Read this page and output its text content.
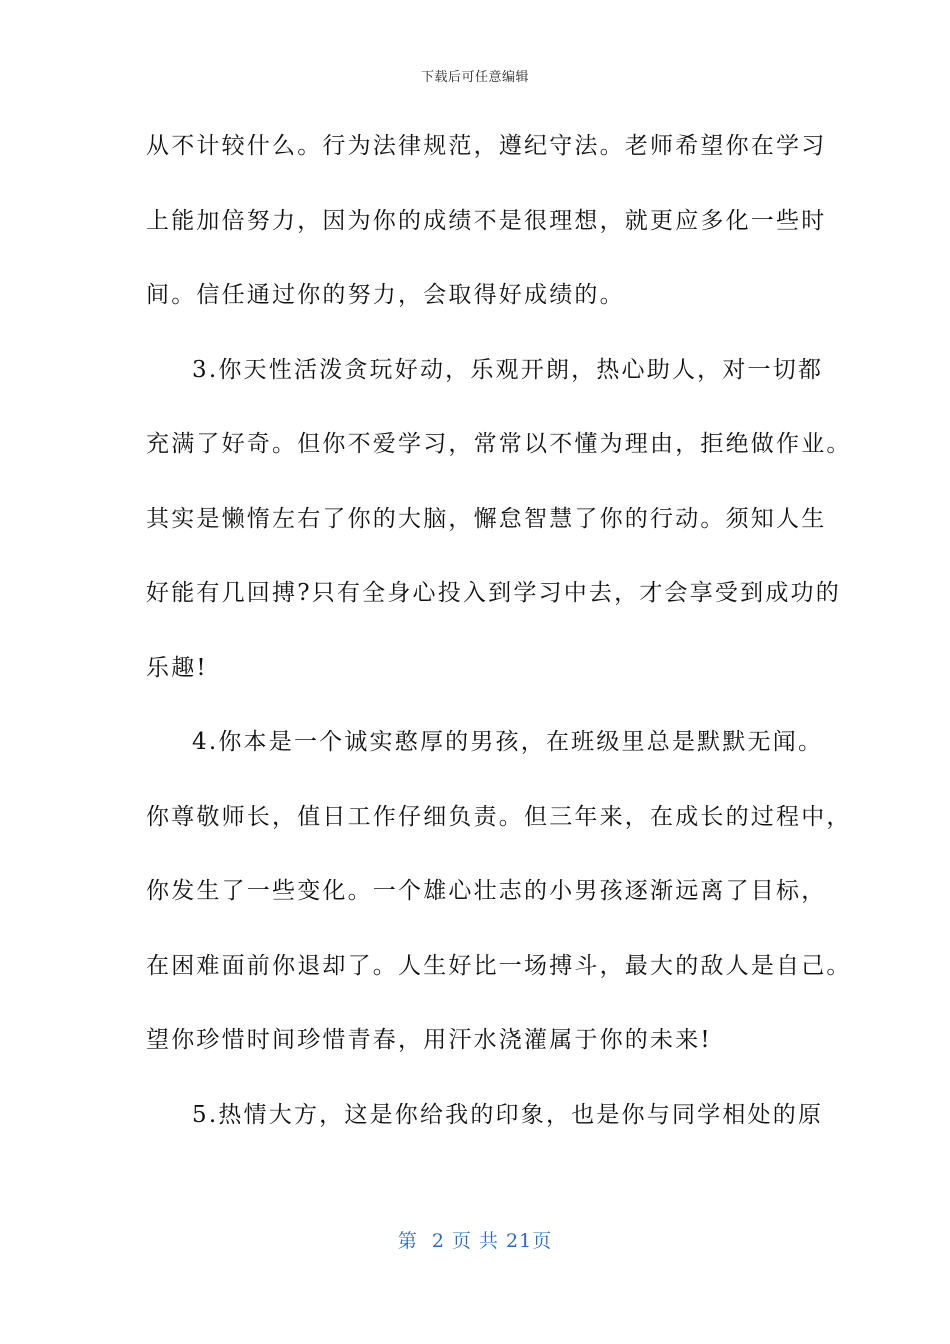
下载后可任意编辑
从不计较什么。行为法律规范，遵纪守法。老师希望你在学习
上能加倍努力，因为你的成绩不是很理想，就更应多化一些时
间。信任通过你的努力，会取得好成绩的。
3.你天性活泼贪玩好动，乐观开朗，热心助人，对一切都
充满了好奇。但你不爱学习，常常以不懂为理由，拒绝做作业。
其实是懒惰左右了你的大脑，懈怠智慧了你的行动。须知人生
好能有几回搏?只有全身心投入到学习中去，才会享受到成功的
乐趣!
4.你本是一个诚实憨厚的男孩，在班级里总是默默无闻。
你尊敬师长，值日工作仔细负责。但三年来，在成长的过程中，
你发生了一些变化。一个雄心壮志的小男孩逐渐远离了目标，
在困难面前你退却了。人生好比一场搏斗，最大的敌人是自己。
望你珍惜时间珍惜青春，用汗水浇灌属于你的未来!
5.热情大方，这是你给我的印象，也是你与同学相处的原
第  2 页 共 21页
